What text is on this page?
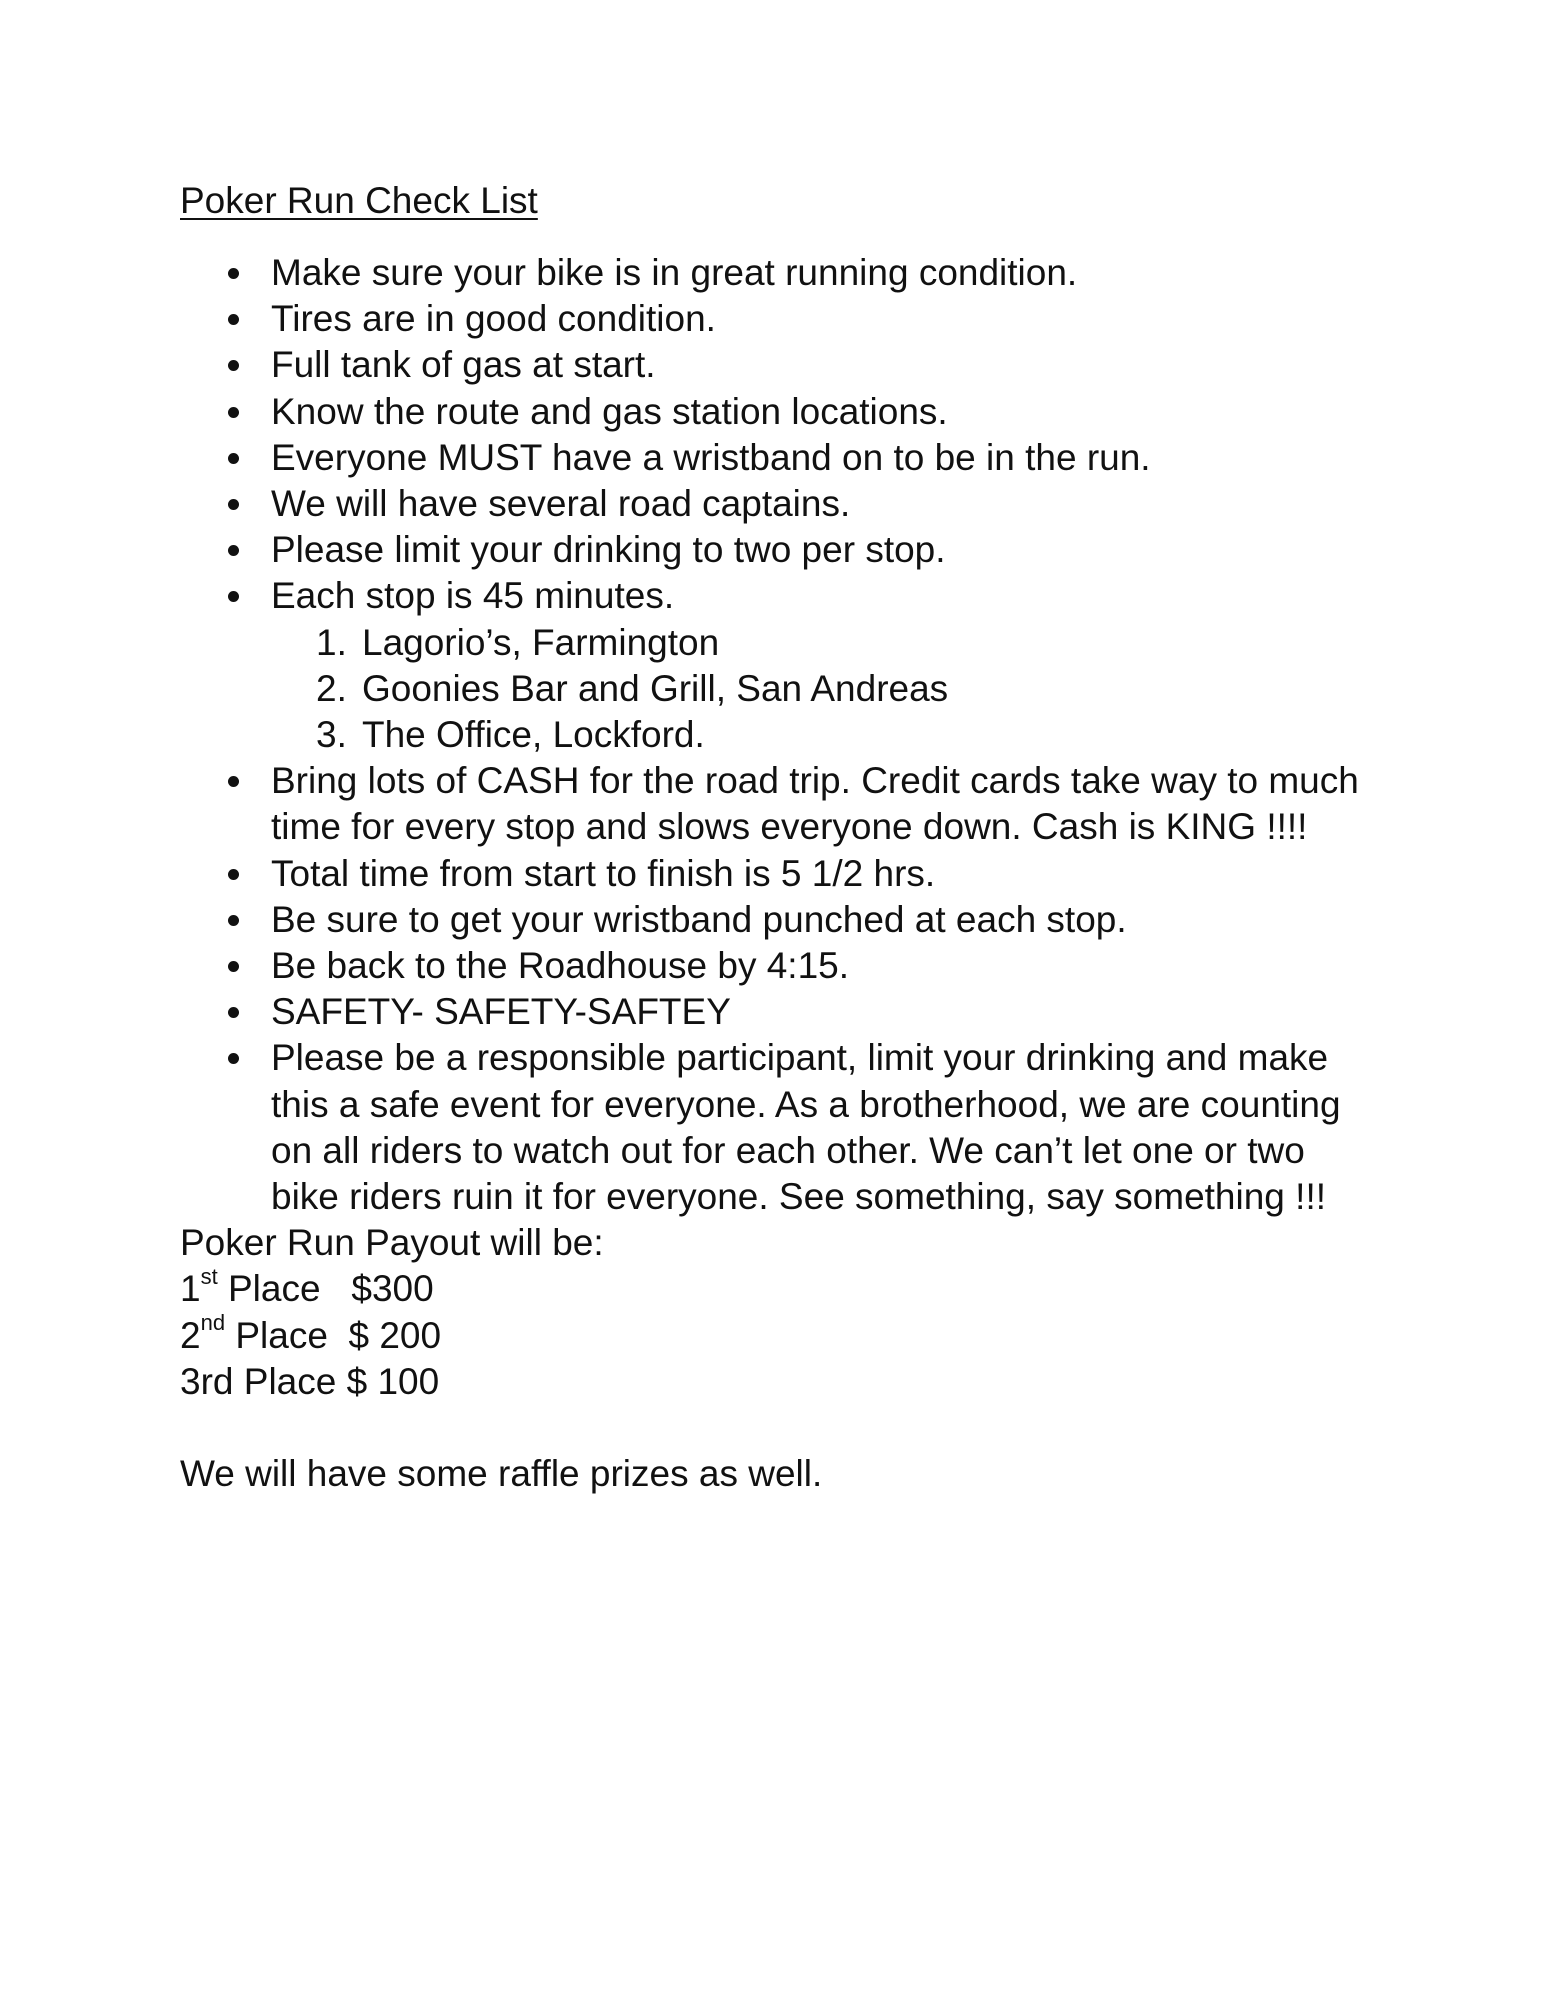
Poker Run Check List

Make sure your bike is in great running condition.
Tires are in good condition.
Full tank of gas at start.
Know the route and gas station locations.
Everyone MUST have a wristband on to be in the run.
We will have several road captains.
Please limit your drinking to two per stop.
Each stop is 45 minutes.
1. Lagorio’s, Farmington
2. Goonies Bar and Grill, San Andreas
3. The Office, Lockford.
Bring lots of CASH for the road trip. Credit cards take way to much time for every stop and slows everyone down. Cash is KING !!!!
Total time from start to finish is 5 1/2 hrs.
Be sure to get your wristband punched at each stop.
Be back to the Roadhouse by 4:15.
SAFETY- SAFETY-SAFTEY
Please be a responsible participant, limit your drinking and make this a safe event for everyone. As a brotherhood, we are counting on all riders to watch out for each other. We can’t let one or two bike riders ruin it for everyone. See something, say something !!!

Poker Run Payout will be:

1st Place $300

2nd Place $ 200

3rd Place $ 100

We will have some raffle prizes as well.
